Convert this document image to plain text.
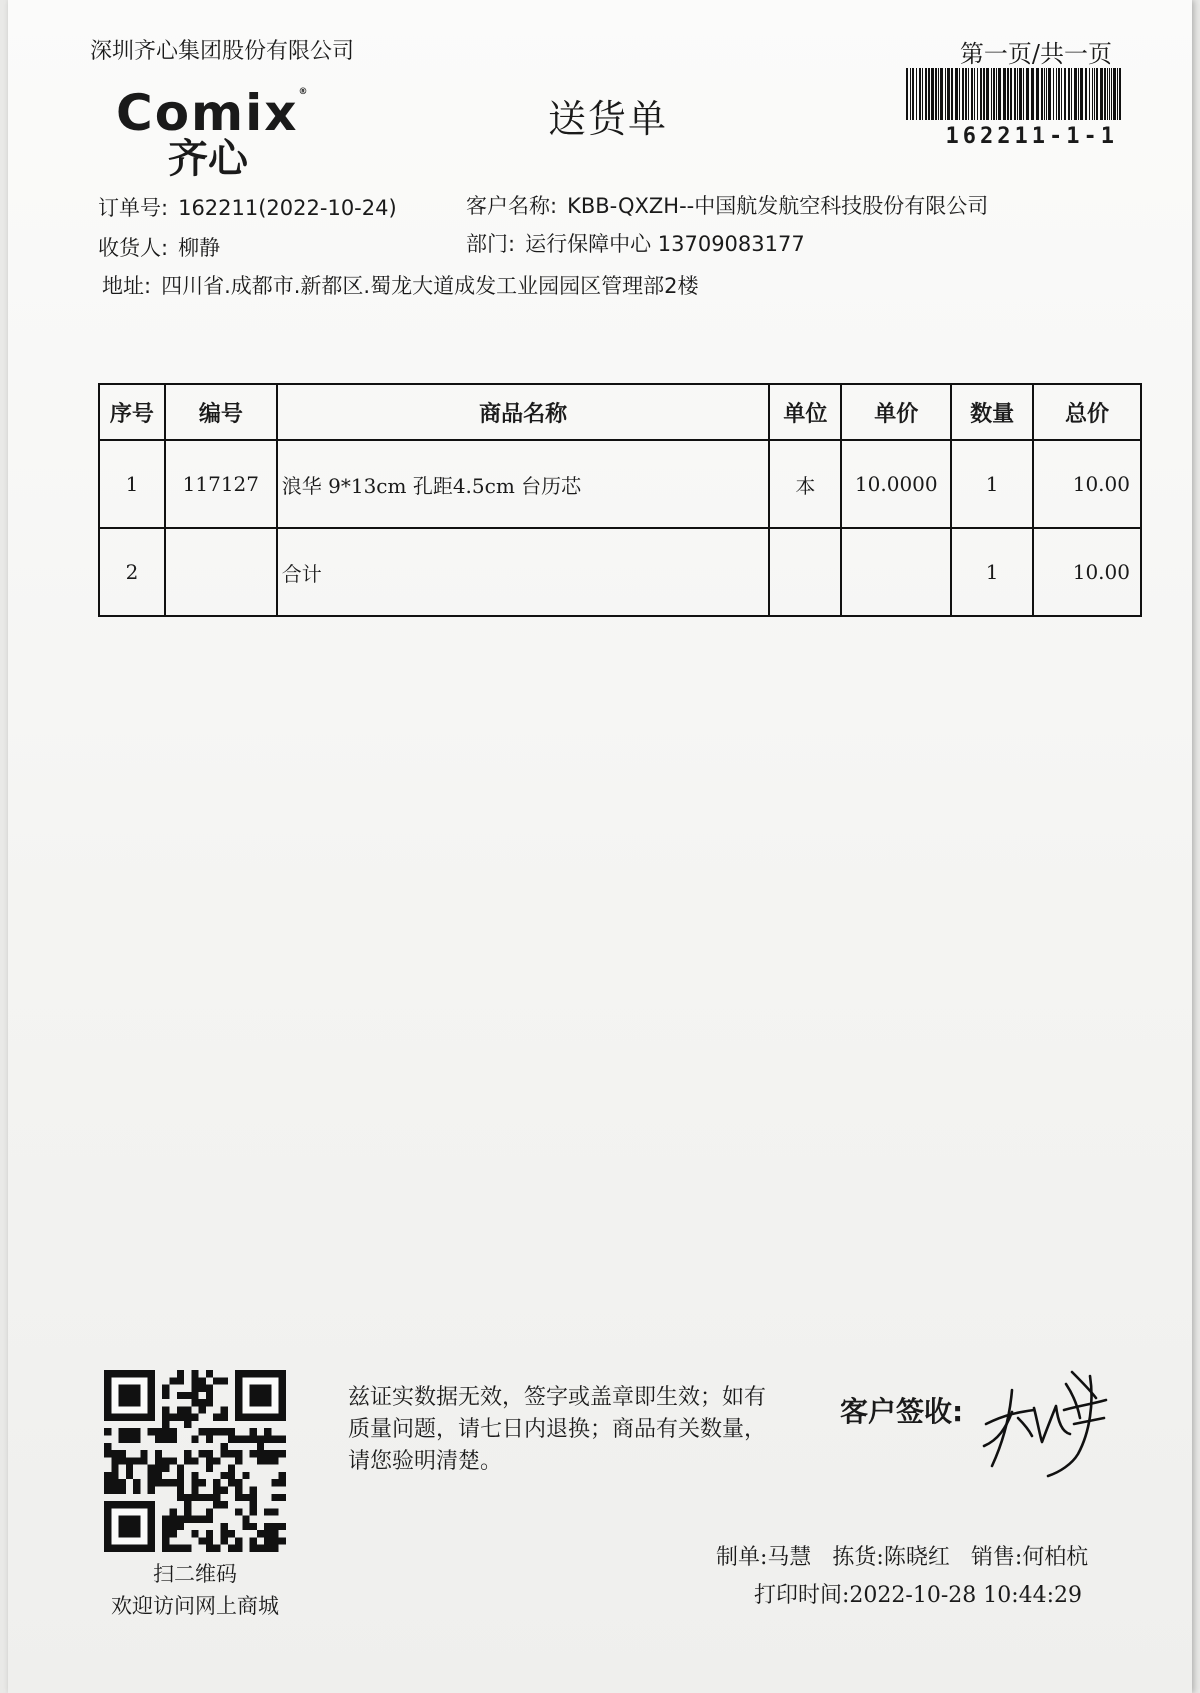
深圳齐心集团股份有限公司	第一页/共一页
Comix®
齐心
送货单	162211-1-1
订单号: 162211(2022-10-24)	客户名称: KBB-QXZH--中国航发航空科技股份有限公司
收货人: 柳静	部门: 运行保障中心 13709083177
地址: 四川省.成都市.新都区.蜀龙大道成发工业园园区管理部2楼
序号	编号	商品名称	单位	单价	数量	总价
1	117127	浪华 9*13cm 孔距4.5cm 台历芯	本	10.0000	1	10.00
2		合计			1	10.00
扫二维码
欢迎访问网上商城
兹证实数据无效，签字或盖章即生效；如有质量问题，请七日内退换；商品有关数量，请您验明清楚。
客户签收:
制单:马慧 拣货:陈晓红 销售:何柏杭
打印时间:2022-10-28 10:44:29
